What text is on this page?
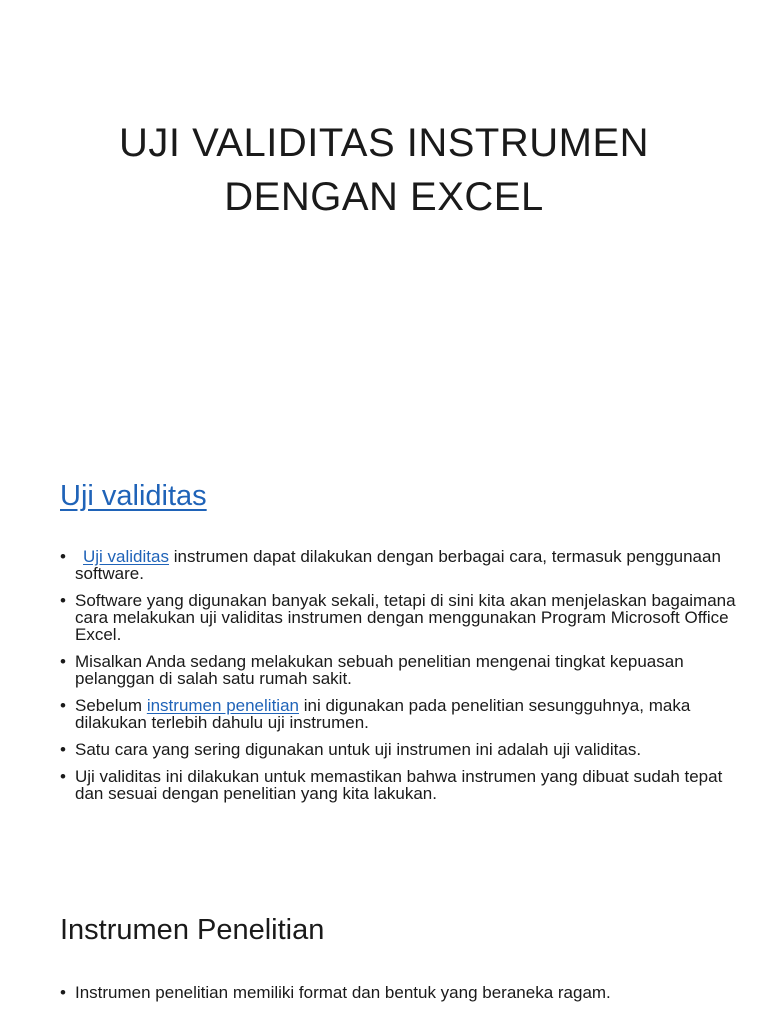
UJI VALIDITAS INSTRUMEN
DENGAN EXCEL
Uji validitas
• Uji validitas instrumen dapat dilakukan dengan berbagai cara, termasuk penggunaan software.
• Software yang digunakan banyak sekali, tetapi di sini kita akan menjelaskan bagaimana cara melakukan uji validitas instrumen dengan menggunakan Program Microsoft Office Excel.
• Misalkan Anda sedang melakukan sebuah penelitian mengenai tingkat kepuasan pelanggan di salah satu rumah sakit.
• Sebelum instrumen penelitian ini digunakan pada penelitian sesungguhnya, maka dilakukan terlebih dahulu uji instrumen.
• Satu cara yang sering digunakan untuk uji instrumen ini adalah uji validitas.
• Uji validitas ini dilakukan untuk memastikan bahwa instrumen yang dibuat sudah tepat dan sesuai dengan penelitian yang kita lakukan.
Instrumen Penelitian
• Instrumen penelitian memiliki format dan bentuk yang beraneka ragam.
